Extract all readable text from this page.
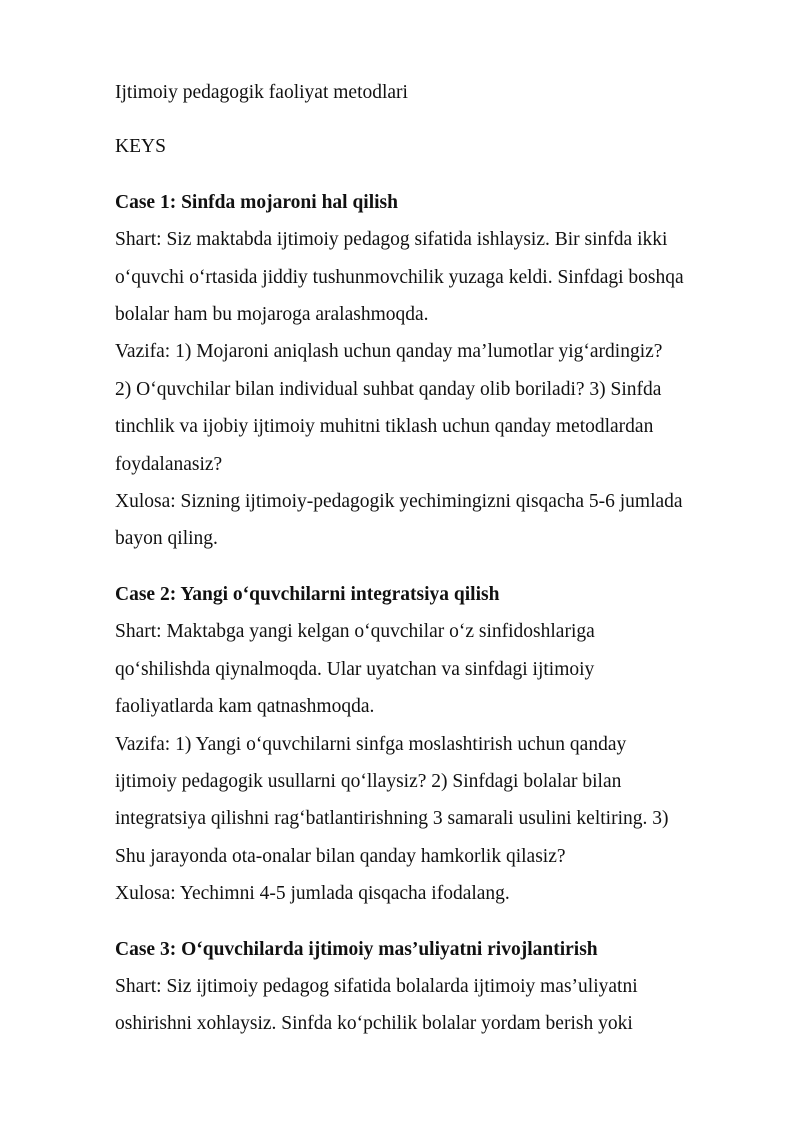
Ijtimoiy pedagogik faoliyat metodlari
KEYS
Case 1: Sinfda mojaroni hal qilish
Shart: Siz maktabda ijtimoiy pedagog sifatida ishlaysiz. Bir sinfda ikki
o‘quvchi o‘rtasida jiddiy tushunmovchilik yuzaga keldi. Sinfdagi boshqa
bolalar ham bu mojaroga aralashmoqda.
Vazifa: 1) Mojaroni aniqlash uchun qanday ma’lumotlar yig‘ardingiz?
2) O‘quvchilar bilan individual suhbat qanday olib boriladi? 3) Sinfda
tinchlik va ijobiy ijtimoiy muhitni tiklash uchun qanday metodlardan
foydalanasiz?
Xulosa: Sizning ijtimoiy-pedagogik yechimingizni qisqacha 5-6 jumlada
bayon qiling.
Case 2: Yangi o‘quvchilarni integratsiya qilish
Shart: Maktabga yangi kelgan o‘quvchilar o‘z sinfidoshlariga
qo‘shilishda qiynalmoqda. Ular uyatchan va sinfdagi ijtimoiy
faoliyatlarda kam qatnashmoqda.
Vazifa: 1) Yangi o‘quvchilarni sinfga moslashtirish uchun qanday
ijtimoiy pedagogik usullarni qo‘llaysiz? 2) Sinfdagi bolalar bilan
integratsiya qilishni rag‘batlantirishning 3 samarali usulini keltiring. 3)
Shu jarayonda ota-onalar bilan qanday hamkorlik qilasiz?
Xulosa: Yechimni 4-5 jumlada qisqacha ifodalang.
Case 3: O‘quvchilarda ijtimoiy mas’uliyatni rivojlantirish
Shart: Siz ijtimoiy pedagog sifatida bolalarda ijtimoiy mas’uliyatni
oshirishni xohlaysiz. Sinfda ko‘pchilik bolalar yordam berish yoki
